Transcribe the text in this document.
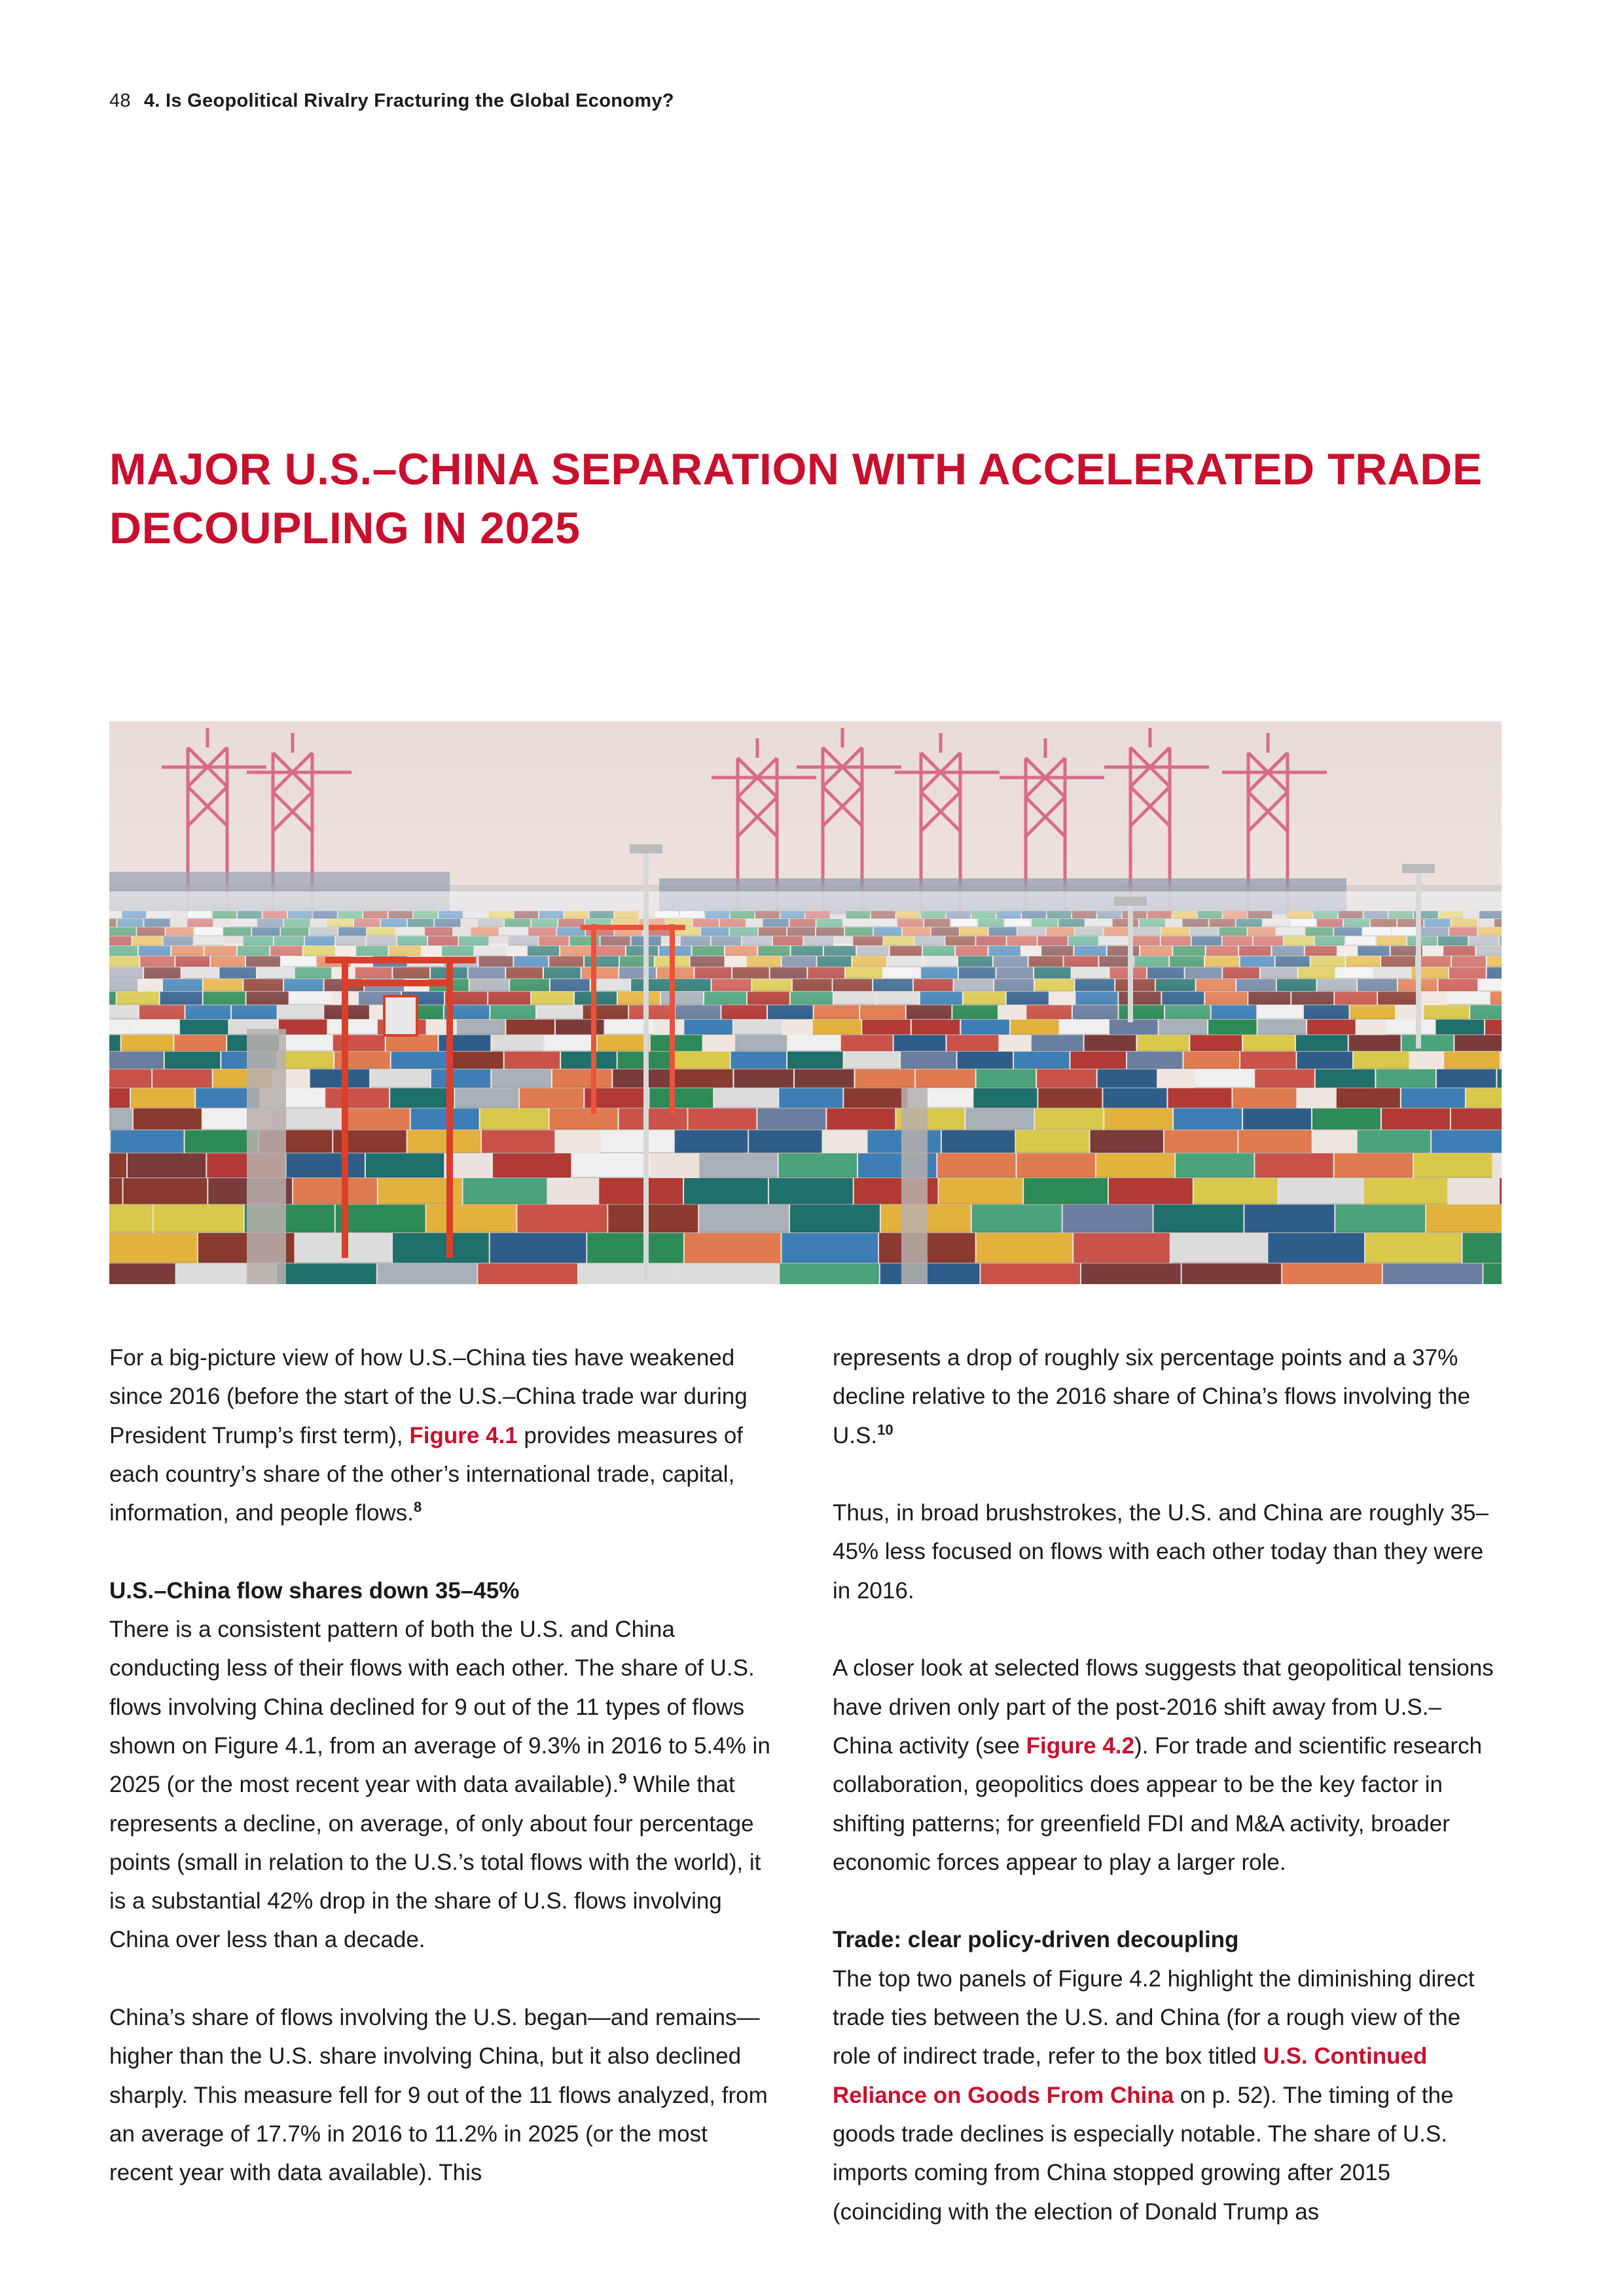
48 4. Is Geopolitical Rivalry Fracturing the Global Economy?
MAJOR U.S.–CHINA SEPARATION WITH ACCELERATED TRADE
DECOUPLING IN 2025

For a big-picture view of how U.S.–China ties have weakened since 2016 (before the start of the U.S.–China trade war during President Trump’s first term), Figure 4.1 provides measures of each country’s share of the other’s international trade, capital, information, and people flows.$^8$

U.S.–China flow shares down 35–45%

There is a consistent pattern of both the U.S. and China conducting less of their flows with each other. The share of U.S. flows involving China declined for 9 out of the 11 types of flows shown on Figure 4.1, from an average of 9.3% in 2016 to 5.4% in 2025 (or the most recent year with data available).$^9$ While that represents a decline, on average, of only about four percentage points (small in relation to the U.S.’s total flows with the world), it is a substantial 42% drop in the share of U.S. flows involving China over less than a decade.

China’s share of flows involving the U.S. began—and remains—higher than the U.S. share involving China, but it also declined sharply. This measure fell for 9 out of the 11 flows analyzed, from an average of 17.7% in 2016 to 11.2% in 2025 (or the most recent year with data available). This

represents a drop of roughly six percentage points and a 37% decline relative to the 2016 share of China’s flows involving the U.S.$^{10}$

Thus, in broad brushstrokes, the U.S. and China are roughly 35–45% less focused on flows with each other today than they were in 2016.

A closer look at selected flows suggests that geopolitical tensions have driven only part of the post-2016 shift away from U.S.–China activity (see Figure 4.2). For trade and scientific research collaboration, geopolitics does appear to be the key factor in shifting patterns; for greenfield FDI and M&A activity, broader economic forces appear to play a larger role.

Trade: clear policy-driven decoupling

The top two panels of Figure 4.2 highlight the diminishing direct trade ties between the U.S. and China (for a rough view of the role of indirect trade, refer to the box titled U.S. Continued Reliance on Goods From China on p. 52). The timing of the goods trade declines is especially notable. The share of U.S. imports coming from China stopped growing after 2015 (coinciding with the election of Donald Trump as
